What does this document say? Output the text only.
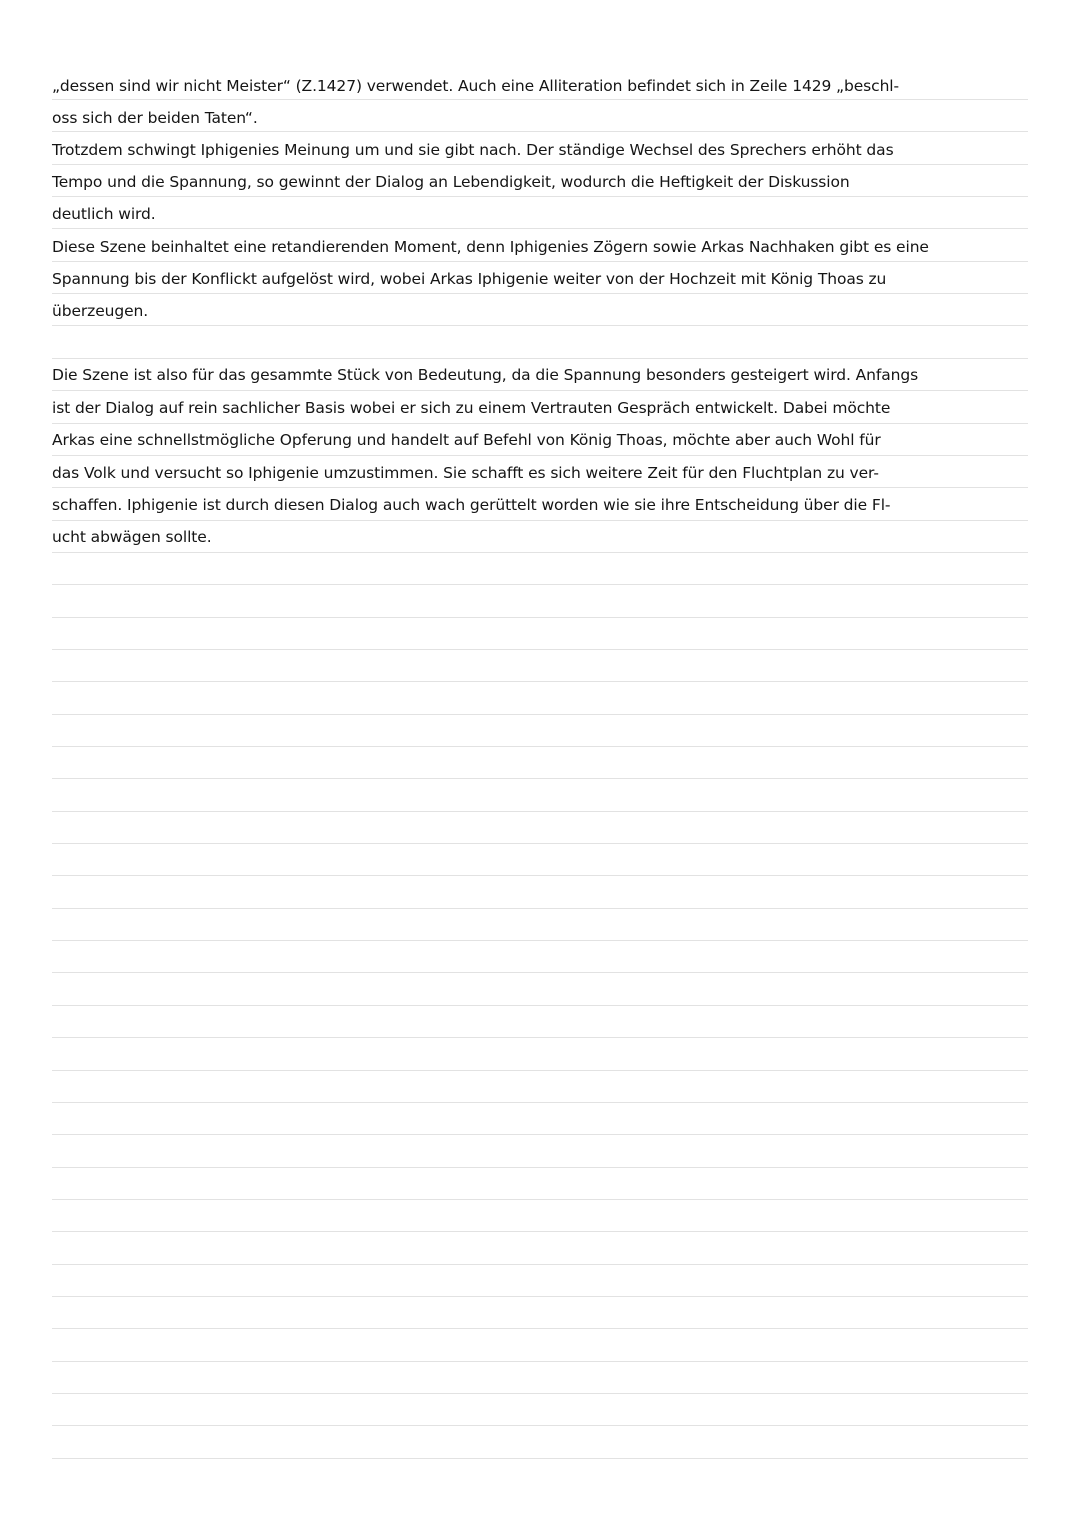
„dessen sind wir nicht Meister“ (Z.1427) verwendet. Auch eine Alliteration befindet sich in Zeile 1429 „beschl-
oss sich der beiden Taten“.
Trotzdem schwingt Iphigenies Meinung um und sie gibt nach. Der ständige Wechsel des Sprechers erhöht das
Tempo und die Spannung, so gewinnt der Dialog an Lebendigkeit, wodurch die Heftigkeit der Diskussion
deutlich wird.
Diese Szene beinhaltet eine retandierenden Moment, denn Iphigenies Zögern sowie Arkas Nachhaken gibt es eine
Spannung bis der Konflickt aufgelöst wird, wobei Arkas Iphigenie weiter von der Hochzeit mit König Thoas zu
überzeugen.
Die Szene ist also für das gesammte Stück von Bedeutung, da die Spannung besonders gesteigert wird. Anfangs
ist der Dialog auf rein sachlicher Basis wobei er sich zu einem Vertrauten Gespräch entwickelt. Dabei möchte
Arkas eine schnellstmögliche Opferung und handelt auf Befehl von König Thoas, möchte aber auch Wohl für
das Volk und versucht so Iphigenie umzustimmen. Sie schafft es sich weitere Zeit für den Fluchtplan zu ver-
schaffen. Iphigenie ist durch diesen Dialog auch wach gerüttelt worden wie sie ihre Entscheidung über die Fl-
ucht abwägen sollte.
